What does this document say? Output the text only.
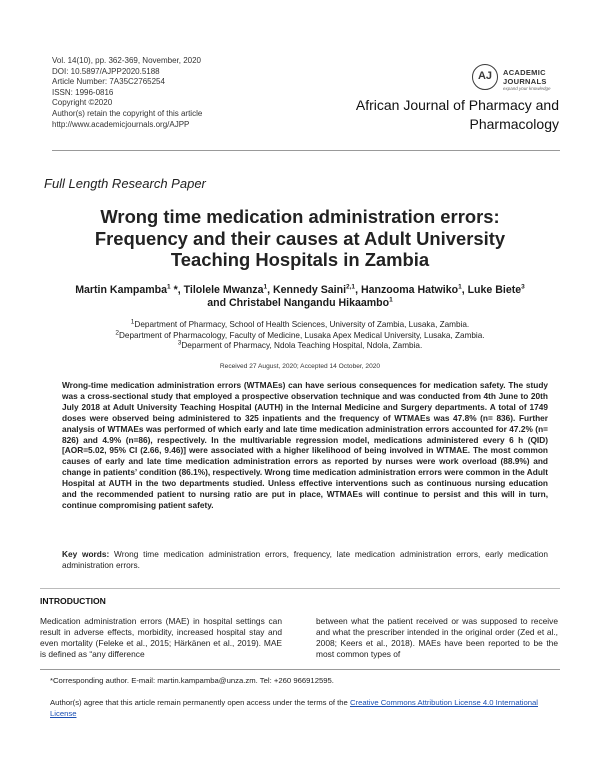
Vol. 14(10), pp. 362-369, November, 2020
DOI: 10.5897/AJPP2020.5188
Article Number: 7A35C2765254
ISSN: 1996-0816
Copyright ©2020
Author(s) retain the copyright of this article
http://www.academicjournals.org/AJPP
AJ	ACADEMIC
JOURNALS
expand your knowledge
African Journal of Pharmacy and
Pharmacology
Full Length Research Paper
Wrong time medication administration errors:
Frequency and their causes at Adult University
Teaching Hospitals in Zambia
Martin Kampamba$^1$ *, Tilolele Mwanza$^1$, Kennedy Saini$^{2,1}$, Hanzooma Hatwiko$^1$, Luke Biete$^3$
and Christabel Nangandu Hikaambo$^1$
$^1$Department of Pharmacy, School of Health Sciences, University of Zambia, Lusaka, Zambia.
$^2$Department of Pharmacology, Faculty of Medicine, Lusaka Apex Medical University, Lusaka, Zambia.
$^3$Deparment of Pharmacy, Ndola Teaching Hospital, Ndola, Zambia.
Received 27 August, 2020; Accepted 14 October, 2020
Wrong-time medication administration errors (WTMAEs) can have serious consequences for medication safety. The study was a cross-sectional study that employed a prospective observation technique and was conducted from 4th June to 20th July 2018 at Adult University Teaching Hospital (AUTH) in the Internal Medicine and Surgery departments. A total of 1749 doses were observed being administered to 325 inpatients and the frequency of WTMAEs was 47.8% (n= 836). Further analysis of WTMAEs was performed of which early and late time medication administration errors accounted for 47.2% (n= 826) and 4.9% (n=86), respectively. In the multivariable regression model, medications administered every 6 h (QID) [AOR=5.02, 95% CI (2.66, 9.46)] were associated with a higher likelihood of being involved in WTMAE. The most common causes of early and late time medication administration errors as reported by nurses were work overload (88.9%) and change in patients’ condition (86.1%), respectively. Wrong time medication administration errors were common in the Adult Hospital at AUTH in the two departments studied. Unless effective interventions such as continuous nursing education and the recommended patient to nursing ratio are put in place, WTMAEs will continue to persist and this will in turn, continue compromising patient safety.
Key words: Wrong time medication administration errors, frequency, late medication administration errors, early medication administration errors.
INTRODUCTION
Medication administration errors (MAE) in hospital settings can result in adverse effects, morbidity, increased hospital stay and even mortality (Feleke et al., 2015; Härkänen et al., 2019). MAE is defined as “any difference
between what the patient received or was supposed to receive and what the prescriber intended in the original order (Zed et al., 2008; Keers et al., 2018). MAEs have been reported to be the most common types of
*Corresponding author. E-mail: martin.kampamba@unza.zm. Tel: +260 966912595.
Author(s) agree that this article remain permanently open access under the terms of the Creative Commons Attribution License 4.0 International License
